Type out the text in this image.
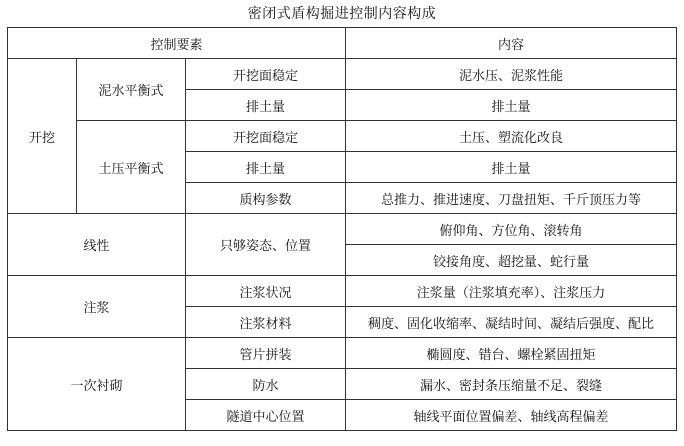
密闭式盾构掘进控制内容构成
控制要素			内容
开挖	泥水平衡式	开挖面稳定	泥水压、泥浆性能
		排土量	排土量
	土压平衡式	开挖面稳定	土压、塑流化改良
		排土量	排土量
		质构参数	总推力、推进速度、刀盘扭矩、千斤顶压力等
线性		只够姿态、位置	俯仰角、方位角、滚转角
			铰接角度、超挖量、蛇行量
注浆		注浆状况	注浆量（注浆填充率）、注浆压力
		注浆材料	稠度、固化收缩率、凝结时间、凝结后强度、配比
一次衬砌		管片拼装	椭圆度、错台、螺栓紧固扭矩
		防水	漏水、密封条压缩量不足、裂缝
		隧道中心位置	轴线平面位置偏差、轴线高程偏差
